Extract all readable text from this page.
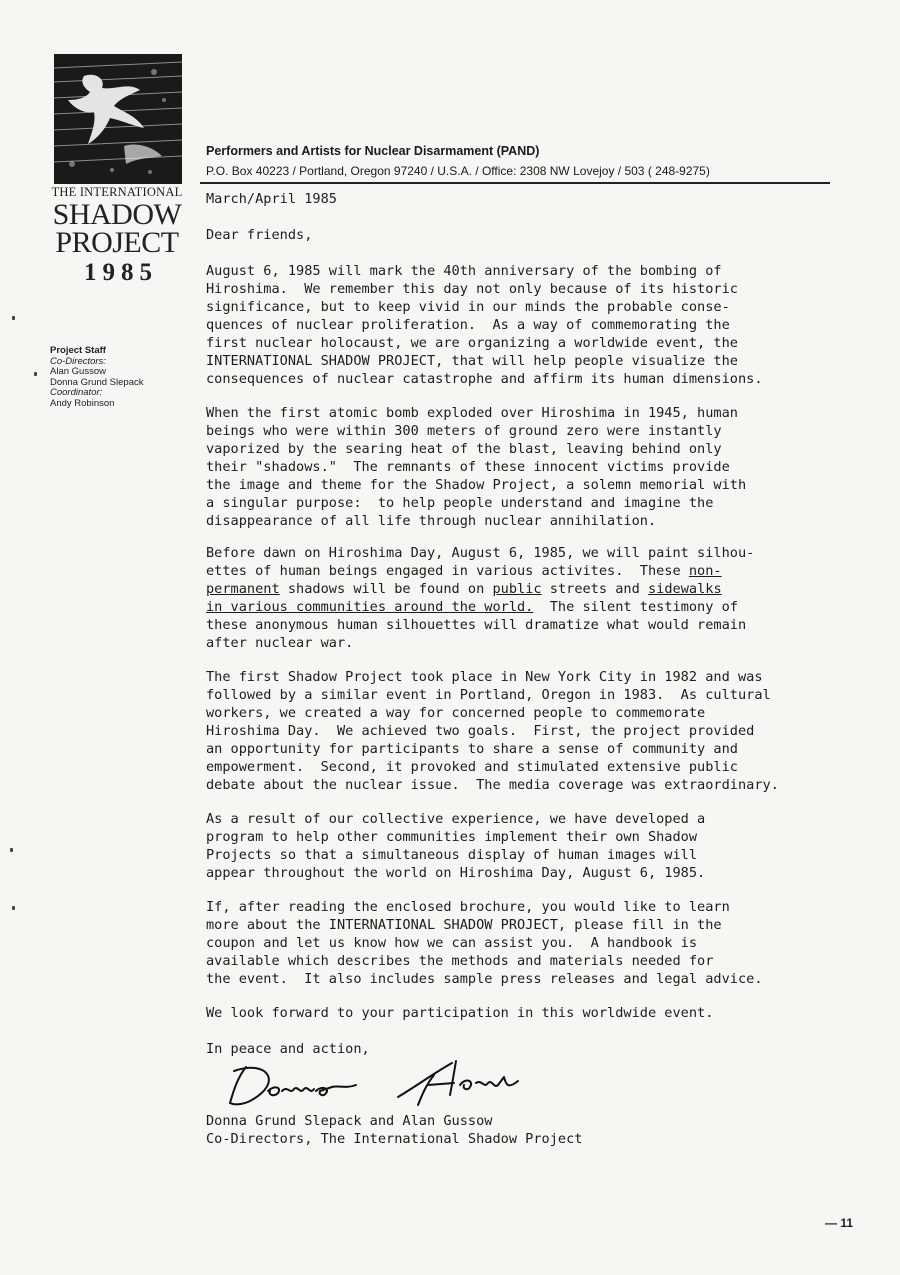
THE INTERNATIONAL

SHADOW

PROJECT

1985

Project Staff
Co-Directors:
Alan Gussow
Donna Grund Slepack
Coordinator:
Andy Robinson

Performers and Artists for Nuclear Disarmament (PAND)

P.O. Box 40223 / Portland, Oregon 97240 / U.S.A. / Office: 2308 NW Lovejoy / 503 ( 248-9275)

March/April 1985
Dear friends,
August 6, 1985 will mark the 40th anniversary of the bombing of
Hiroshima.  We remember this day not only because of its historic
significance, but to keep vivid in our minds the probable conse-
quences of nuclear proliferation.  As a way of commemorating the
first nuclear holocaust, we are organizing a worldwide event, the
INTERNATIONAL SHADOW PROJECT, that will help people visualize the
consequences of nuclear catastrophe and affirm its human dimensions.
When the first atomic bomb exploded over Hiroshima in 1945, human
beings who were within 300 meters of ground zero were instantly
vaporized by the searing heat of the blast, leaving behind only
their "shadows."  The remnants of these innocent victims provide
the image and theme for the Shadow Project, a solemn memorial with
a singular purpose:  to help people understand and imagine the
disappearance of all life through nuclear annihilation.
Before dawn on Hiroshima Day, August 6, 1985, we will paint silhou-
ettes of human beings engaged in various activites.  These non-
permanent shadows will be found on public streets and sidewalks
in various communities around the world.  The silent testimony of
these anonymous human silhouettes will dramatize what would remain
after nuclear war.
The first Shadow Project took place in New York City in 1982 and was
followed by a similar event in Portland, Oregon in 1983.  As cultural
workers, we created a way for concerned people to commemorate
Hiroshima Day.  We achieved two goals.  First, the project provided
an opportunity for participants to share a sense of community and
empowerment.  Second, it provoked and stimulated extensive public
debate about the nuclear issue.  The media coverage was extraordinary.
As a result of our collective experience, we have developed a
program to help other communities implement their own Shadow
Projects so that a simultaneous display of human images will
appear throughout the world on Hiroshima Day, August 6, 1985.
If, after reading the enclosed brochure, you would like to learn
more about the INTERNATIONAL SHADOW PROJECT, please fill in the
coupon and let us know how we can assist you.  A handbook is
available which describes the methods and materials needed for
the event.  It also includes sample press releases and legal advice.
We look forward to your participation in this worldwide event.
In peace and action,
Donna Grund Slepack and Alan Gussow
Co-Directors, The International Shadow Project
— 11
